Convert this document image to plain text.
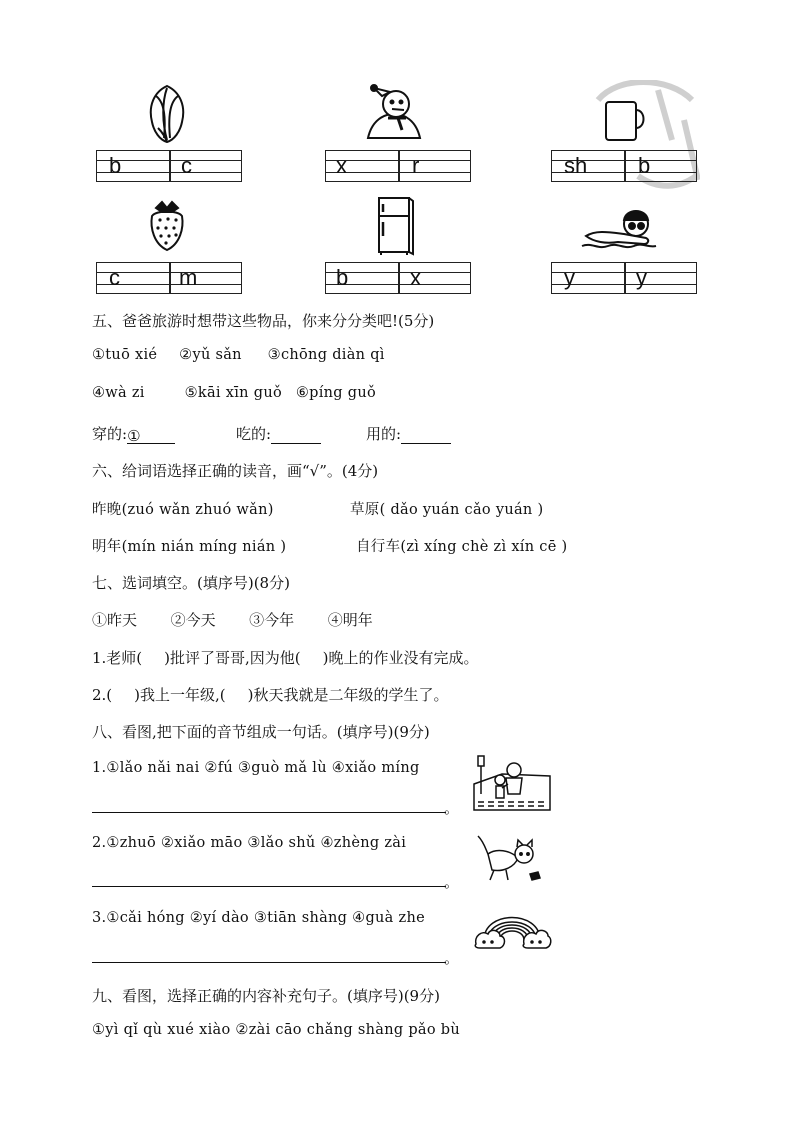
b	c	x	r	sh b
c	m	b	x	y	y
五、爸爸旅游时想带这些物品，你来分分类吧!(5分)
①tuō xié ②yǔ sǎn ③chōng diàn qì
④wà zi	⑤kāi xīn guǒ ⑥píng guǒ
穿的:①	吃的:	用的:
六、给词语选择正确的读音，画“√”。(4分)
昨晚(zuó wǎn zhuó wǎn)	草原( dǎo yuán cǎo yuán )
明年(mín nián míng nián )	自行车(zì xíng chè zì xín cē )
七、选词填空。(填序号)(8分)
①昨天 ②今天 ③今年 ④明年
1.老师( )批评了哥哥,因为他( )晚上的作业没有完成。
2.( )我上一年级,( )秋天我就是二年级的学生了。
八、看图,把下面的音节组成一句话。(填序号)(9分)
1.①lǎo nǎi nai ②fú ③guò mǎ lù ④xiǎo míng
。
2.①zhuō ②xiǎo māo ③lǎo shǔ ④zhèng zài
。
3.①cǎi hóng ②yí dào ③tiān shàng ④guà zhe
。
九、看图，选择正确的内容补充句子。(填序号)(9分)
①yì qǐ qù xué xiào ②zài cāo chǎng shàng pǎo bù
